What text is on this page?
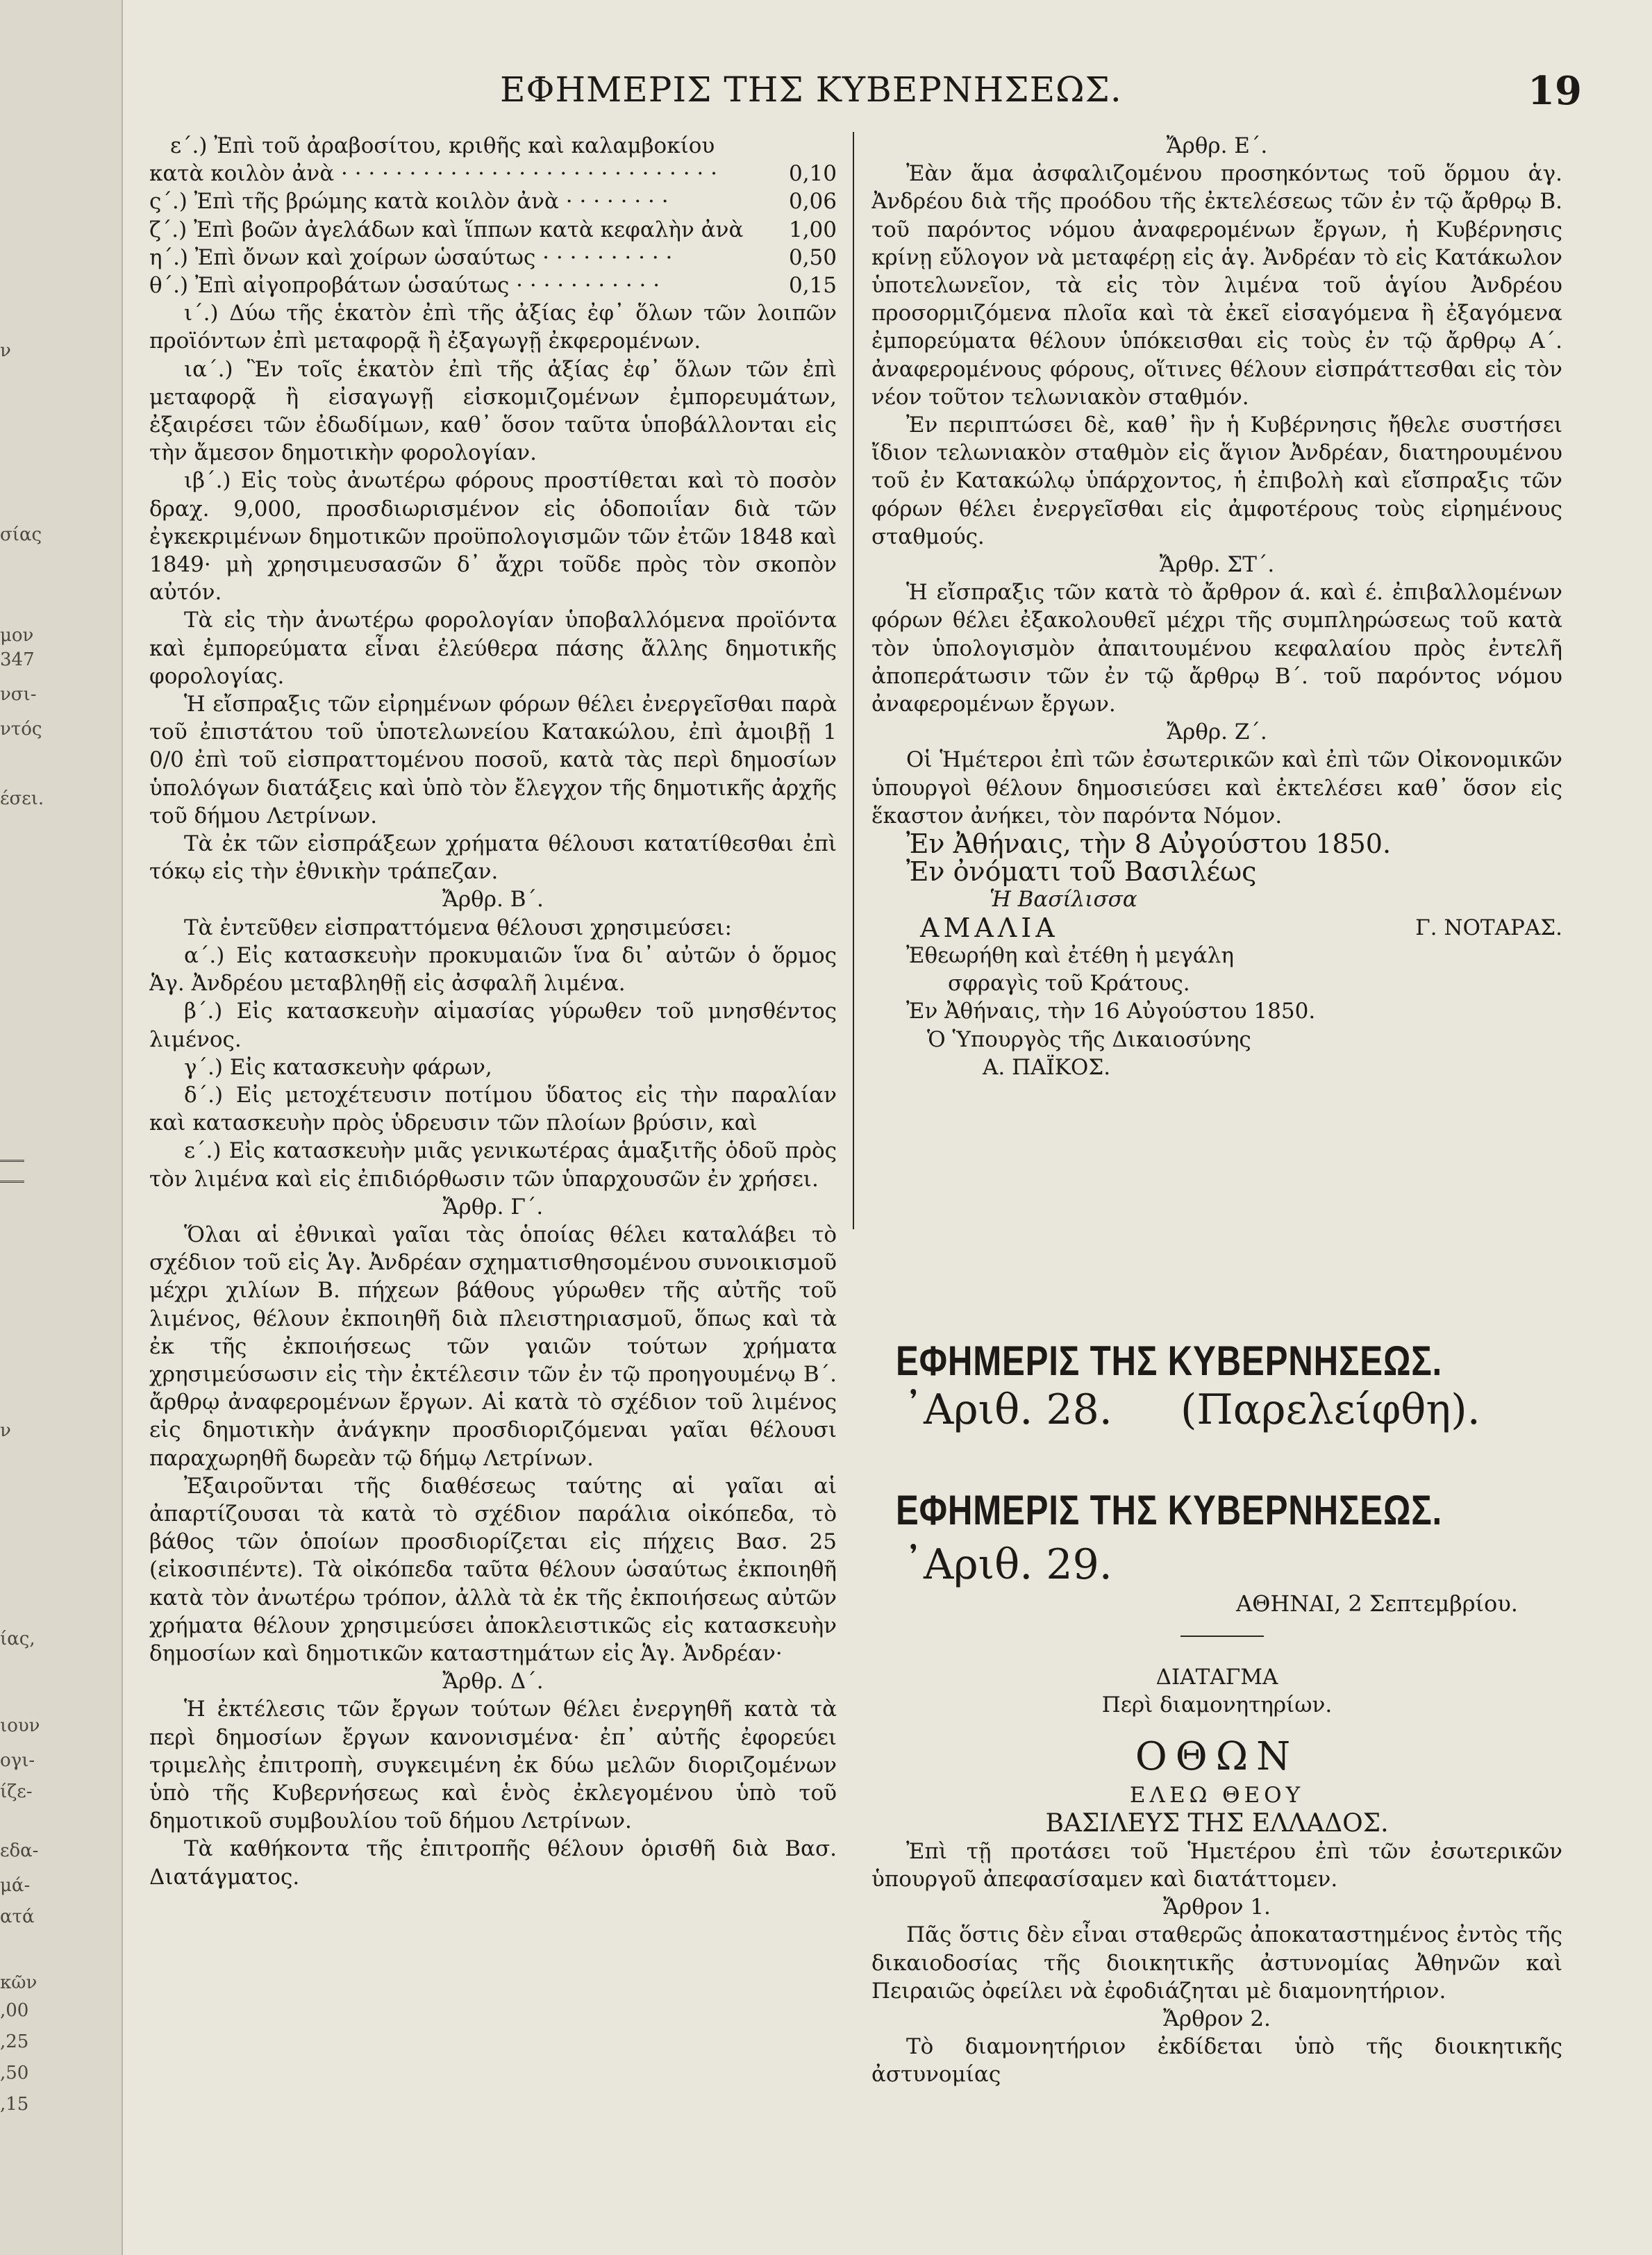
ν
σίας
μον
347
νσι-
ντός
έσει.
ν
ίας,
ιουν
ογι-
ίζε-
εδα-
μά-
ατά
κῶν
,00
,25
,50
,15
ΕΦΗΜΕΡΙΣ ΤΗΣ ΚΥΒΕΡΝΗΣΕΩΣ.	19
ε΄.) Ἐπὶ τοῦ ἀραβοσίτου, κριθῆς καὶ καλαμβοκίου
κατὰ κοιλὸν ἀνὰ · · · · · · · · · · · · · · · · · · · · · · · · · · · ·	0,10
ς΄.) Ἐπὶ τῆς βρώμης κατὰ κοιλὸν ἀνὰ · · · · · · · ·	0,06
ζ΄.) Ἐπὶ βοῶν ἀγελάδων καὶ ἵππων κατὰ κεφαλὴν ἀνὰ	1,00
η΄.) Ἐπὶ ὄνων καὶ χοίρων ὡσαύτως · · · · · · · · · ·	0,50
θ΄.) Ἐπὶ αἰγοπροβάτων ὡσαύτως · · · · · · · · · · ·	0,15

ι΄.) Δύω τῆς ἑκατὸν ἐπὶ τῆς ἀξίας ἐφ᾽ ὅλων τῶν λοιπῶν προϊόντων ἐπὶ μεταφορᾷ ἢ ἐξαγωγῇ ἐκφερομένων.

ια΄.) Ἓν τοῖς ἑκατὸν ἐπὶ τῆς ἀξίας ἐφ᾽ ὅλων τῶν ἐπὶ μεταφορᾷ ἢ εἰσαγωγῇ εἰσκομιζομένων ἐμπορευμάτων, ἐξαιρέσει τῶν ἐδωδίμων, καθ᾽ ὅσον ταῦτα ὑποβάλλονται εἰς τὴν ἄμεσον δημοτικὴν φορολογίαν.

ιβ΄.) Εἰς τοὺς ἀνωτέρω φόρους προστίθεται καὶ τὸ ποσὸν δραχ. 9,000, προσδιωρισμένον εἰς ὁδοποιΐαν διὰ τῶν ἐγκεκριμένων δημοτικῶν προϋπολογισμῶν τῶν ἐτῶν 1848 καὶ 1849· μὴ χρησιμευσασῶν δ᾽ ἄχρι τοῦδε πρὸς τὸν σκοπὸν αὐτόν.

Τὰ εἰς τὴν ἀνωτέρω φορολογίαν ὑποβαλλόμενα προϊόντα καὶ ἐμπορεύματα εἶναι ἐλεύθερα πάσης ἄλλης δημοτικῆς φορολογίας.

Ἡ εἴσπραξις τῶν εἰρημένων φόρων θέλει ἐνεργεῖσθαι παρὰ τοῦ ἐπιστάτου τοῦ ὑποτελωνείου Κατακώλου, ἐπὶ ἀμοιβῇ 1 0/0 ἐπὶ τοῦ εἰσπραττομένου ποσοῦ, κατὰ τὰς περὶ δημοσίων ὑπολόγων διατάξεις καὶ ὑπὸ τὸν ἔλεγχον τῆς δημοτικῆς ἀρχῆς τοῦ δήμου Λετρίνων.

Τὰ ἐκ τῶν εἰσπράξεων χρήματα θέλουσι κατατίθεσθαι ἐπὶ τόκῳ εἰς τὴν ἐθνικὴν τράπεζαν.

Ἄρθρ. Β΄.

Τὰ ἐντεῦθεν εἰσπραττόμενα θέλουσι χρησιμεύσει:

α΄.) Εἰς κατασκευὴν προκυμαιῶν ἵνα δι᾽ αὐτῶν ὁ ὅρμος Ἁγ. Ἀνδρέου μεταβληθῇ εἰς ἀσφαλῆ λιμένα.

β΄.) Εἰς κατασκευὴν αἱμασίας γύρωθεν τοῦ μνησθέντος λιμένος.

γ΄.) Εἰς κατασκευὴν φάρων,

δ΄.) Εἰς μετοχέτευσιν ποτίμου ὕδατος εἰς τὴν παραλίαν καὶ κατασκευὴν πρὸς ὑδρευσιν τῶν πλοίων βρύσιν, καὶ

ε΄.) Εἰς κατασκευὴν μιᾶς γενικωτέρας ἁμαξιτῆς ὁδοῦ πρὸς τὸν λιμένα καὶ εἰς ἐπιδιόρθωσιν τῶν ὑπαρχουσῶν ἐν χρήσει.

Ἄρθρ. Γ΄.

Ὅλαι αἱ ἐθνικαὶ γαῖαι τὰς ὁποίας θέλει καταλάβει τὸ σχέδιον τοῦ εἰς Ἁγ. Ἀνδρέαν σχηματισθησομένου συνοικισμοῦ μέχρι χιλίων Β. πήχεων βάθους γύρωθεν τῆς αὐτῆς τοῦ λιμένος, θέλουν ἐκποιηθῆ διὰ πλειστηριασμοῦ, ὅπως καὶ τὰ ἐκ τῆς ἐκποιήσεως τῶν γαιῶν τούτων χρήματα χρησιμεύσωσιν εἰς τὴν ἐκτέλεσιν τῶν ἐν τῷ προηγουμένῳ Β΄. ἄρθρῳ ἀναφερομένων ἔργων. Αἱ κατὰ τὸ σχέδιον τοῦ λιμένος εἰς δημοτικὴν ἀνάγκην προσδιοριζόμεναι γαῖαι θέλουσι παραχωρηθῆ δωρεὰν τῷ δήμῳ Λετρίνων.

Ἐξαιροῦνται τῆς διαθέσεως ταύτης αἱ γαῖαι αἱ ἀπαρτίζουσαι τὰ κατὰ τὸ σχέδιον παράλια οἰκόπεδα, τὸ βάθος τῶν ὁποίων προσδιορίζεται εἰς πήχεις Βασ. 25 (εἰκοσιπέντε). Τὰ οἰκόπεδα ταῦτα θέλουν ὡσαύτως ἐκποιηθῆ κατὰ τὸν ἀνωτέρω τρόπον, ἀλλὰ τὰ ἐκ τῆς ἐκποιήσεως αὐτῶν χρήματα θέλουν χρησιμεύσει ἀποκλειστικῶς εἰς κατασκευὴν δημοσίων καὶ δημοτικῶν καταστημάτων εἰς Ἁγ. Ἀνδρέαν·

Ἄρθρ. Δ΄.

Ἡ ἐκτέλεσις τῶν ἔργων τούτων θέλει ἐνεργηθῆ κατὰ τὰ περὶ δημοσίων ἔργων κανονισμένα· ἐπ᾽ αὐτῆς ἐφορεύει τριμελὴς ἐπιτροπὴ, συγκειμένη ἐκ δύω μελῶν διοριζομένων ὑπὸ τῆς Κυβερνήσεως καὶ ἑνὸς ἐκλεγομένου ὑπὸ τοῦ δημοτικοῦ συμβουλίου τοῦ δήμου Λετρίνων.

Τὰ καθήκοντα τῆς ἐπιτροπῆς θέλουν ὁρισθῆ διὰ Βασ. Διατάγματος.

Ἄρθρ. Ε΄.

Ἐὰν ἅμα ἀσφαλιζομένου προσηκόντως τοῦ ὅρμου ἁγ. Ἀνδρέου διὰ τῆς προόδου τῆς ἐκτελέσεως τῶν ἐν τῷ ἄρθρῳ Β. τοῦ παρόντος νόμου ἀναφερομένων ἔργων, ἡ Κυβέρνησις κρίνῃ εὔλογον νὰ μεταφέρῃ εἰς ἁγ. Ἀνδρέαν τὸ εἰς Κατάκωλον ὑποτελωνεῖον, τὰ εἰς τὸν λιμένα τοῦ ἁγίου Ἀνδρέου προσορμιζόμενα πλοῖα καὶ τὰ ἐκεῖ εἰσαγόμενα ἢ ἐξαγόμενα ἐμπορεύματα θέλουν ὑπόκεισθαι εἰς τοὺς ἐν τῷ ἄρθρῳ Α΄. ἀναφερομένους φόρους, οἵτινες θέλουν εἰσπράττεσθαι εἰς τὸν νέον τοῦτον τελωνιακὸν σταθμόν.

Ἐν περιπτώσει δὲ, καθ᾽ ἣν ἡ Κυβέρνησις ἤθελε συστήσει ἴδιον τελωνιακὸν σταθμὸν εἰς ἅγιον Ἀνδρέαν, διατηρουμένου τοῦ ἐν Κατακώλῳ ὑπάρχοντος, ἡ ἐπιβολὴ καὶ εἴσπραξις τῶν φόρων θέλει ἐνεργεῖσθαι εἰς ἀμφοτέρους τοὺς εἰρημένους σταθμούς.

Ἄρθρ. ΣΤ΄.

Ἡ εἴσπραξις τῶν κατὰ τὸ ἄρθρον ά. καὶ έ. ἐπιβαλλομένων φόρων θέλει ἐξακολουθεῖ μέχρι τῆς συμπληρώσεως τοῦ κατὰ τὸν ὑπολογισμὸν ἀπαιτουμένου κεφαλαίου πρὸς ἐντελῆ ἀποπεράτωσιν τῶν ἐν τῷ ἄρθρῳ Β΄. τοῦ παρόντος νόμου ἀναφερομένων ἔργων.

Ἄρθρ. Ζ΄.

Οἱ Ἡμέτεροι ἐπὶ τῶν ἐσωτερικῶν καὶ ἐπὶ τῶν Οἰκονομικῶν ὑπουργοὶ θέλουν δημοσιεύσει καὶ ἐκτελέσει καθ᾽ ὅσον εἰς ἕκαστον ἀνήκει, τὸν παρόντα Νόμον.

Ἐν Ἀθήναις, τὴν 8 Αὐγούστου 1850.

Ἐν ὀνόματι τοῦ Βασιλέως

Ἡ Βασίλισσα

ΑΜΑΛΙΑ	Γ. ΝΟΤΑΡΑΣ.

Ἐθεωρήθη καὶ ἐτέθη ἡ μεγάλη

σφραγὶς τοῦ Κράτους.

Ἐν Ἀθήναις, τὴν 16 Αὐγούστου 1850.

Ὁ Ὑπουργὸς τῆς Δικαιοσύνης

Α. ΠΑΪΚΟΣ.

ΕΦΗΜΕΡΙΣ ΤΗΣ ΚΥΒΕΡΝΗΣΕΩΣ.
᾿Αριθ. 28. (Παρελείφθη).
ΕΦΗΜΕΡΙΣ ΤΗΣ ΚΥΒΕΡΝΗΣΕΩΣ.
᾿Αριθ. 29.
ΑΘΗΝΑΙ, 2 Σεπτεμβρίου.

ΔΙΑΤΑΓΜΑ

Περὶ διαμονητηρίων.

ΟΘΩΝ

ΕΛΕΩ ΘΕΟΥ

ΒΑΣΙΛΕΥΣ ΤΗΣ ΕΛΛΑΔΟΣ.

Ἐπὶ τῇ προτάσει τοῦ Ἡμετέρου ἐπὶ τῶν ἐσωτερικῶν ὑπουργοῦ ἀπεφασίσαμεν καὶ διατάττομεν.

Ἄρθρον 1.

Πᾶς ὅστις δὲν εἶναι σταθερῶς ἀποκαταστημένος ἐντὸς τῆς δικαιοδοσίας τῆς διοικητικῆς ἀστυνομίας Ἀθηνῶν καὶ Πειραιῶς ὀφείλει νὰ ἐφοδιάζηται μὲ διαμονητήριον.

Ἄρθρον 2.

Τὸ διαμονητήριον ἐκδίδεται ὑπὸ τῆς διοικητικῆς ἀστυνομίας
